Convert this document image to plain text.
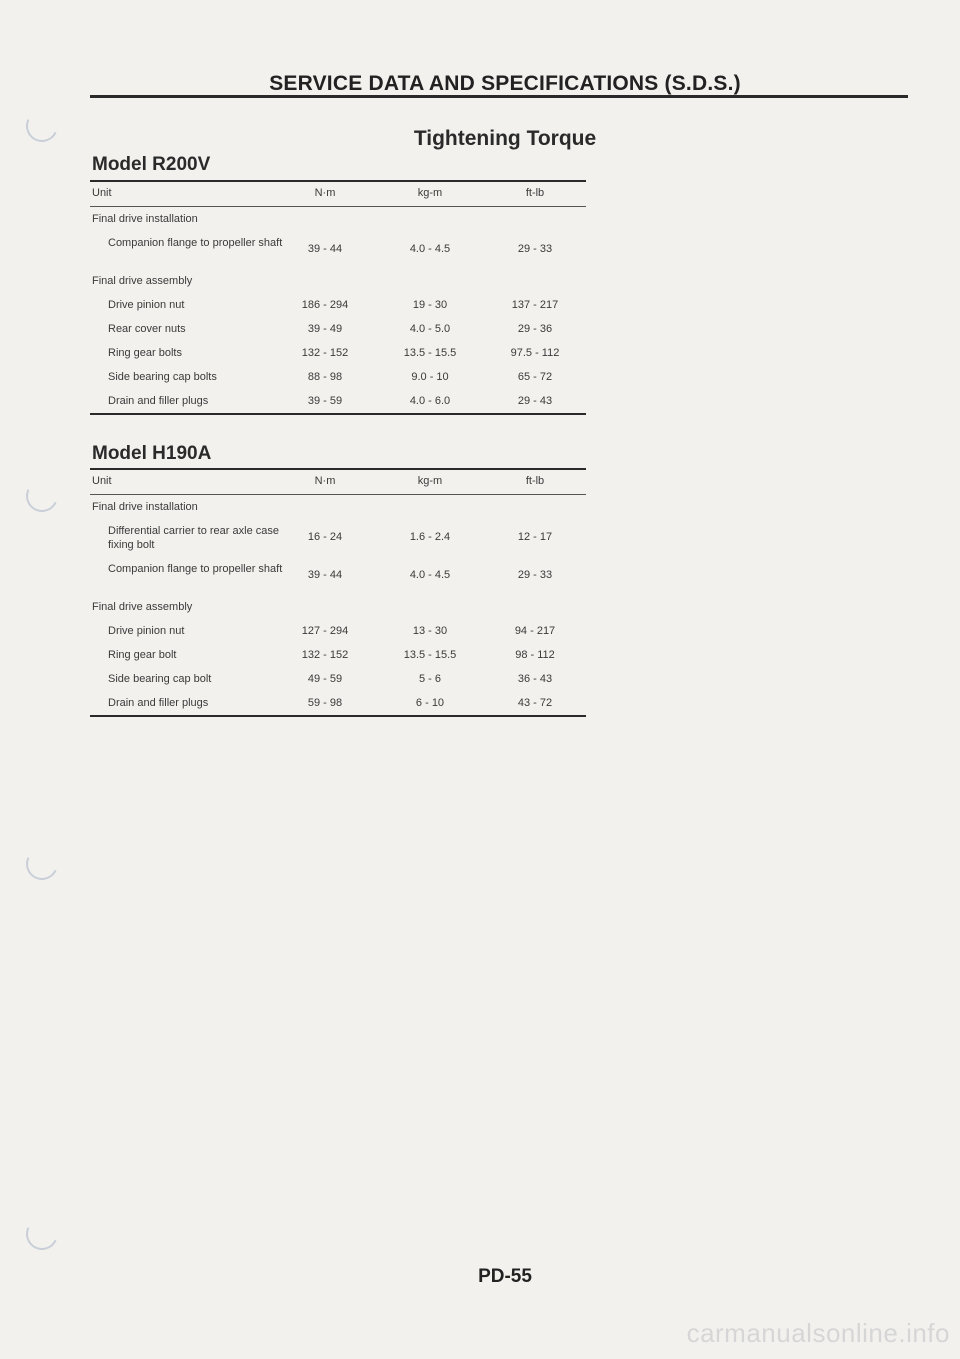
SERVICE DATA AND SPECIFICATIONS (S.D.S.)
Tightening Torque
Model R200V
Unit	N·m	kg-m	ft-lb
Final drive installation
Companion flange to propeller shaft	39 - 44	4.0 - 4.5	29 - 33
Final drive assembly
Drive pinion nut	186 - 294	19 - 30	137 - 217
Rear cover nuts	39 - 49	4.0 - 5.0	29 - 36
Ring gear bolts	132 - 152	13.5 - 15.5	97.5 - 112
Side bearing cap bolts	88 - 98	9.0 - 10	65 - 72
Drain and filler plugs	39 - 59	4.0 - 6.0	29 - 43
Model H190A
Unit	N·m	kg-m	ft-lb
Final drive installation
Differential carrier to rear axle case fixing bolt
16 - 24	1.6 - 2.4	12 - 17
Companion flange to propeller shaft	39 - 44	4.0 - 4.5	29 - 33
Final drive assembly
Drive pinion nut	127 - 294	13 - 30	94 - 217
Ring gear bolt	132 - 152	13.5 - 15.5	98 - 112
Side bearing cap bolt	49 - 59	5 - 6	36 - 43
Drain and filler plugs	59 - 98	6 - 10	43 - 72
PD-55
carmanualsonline.info
